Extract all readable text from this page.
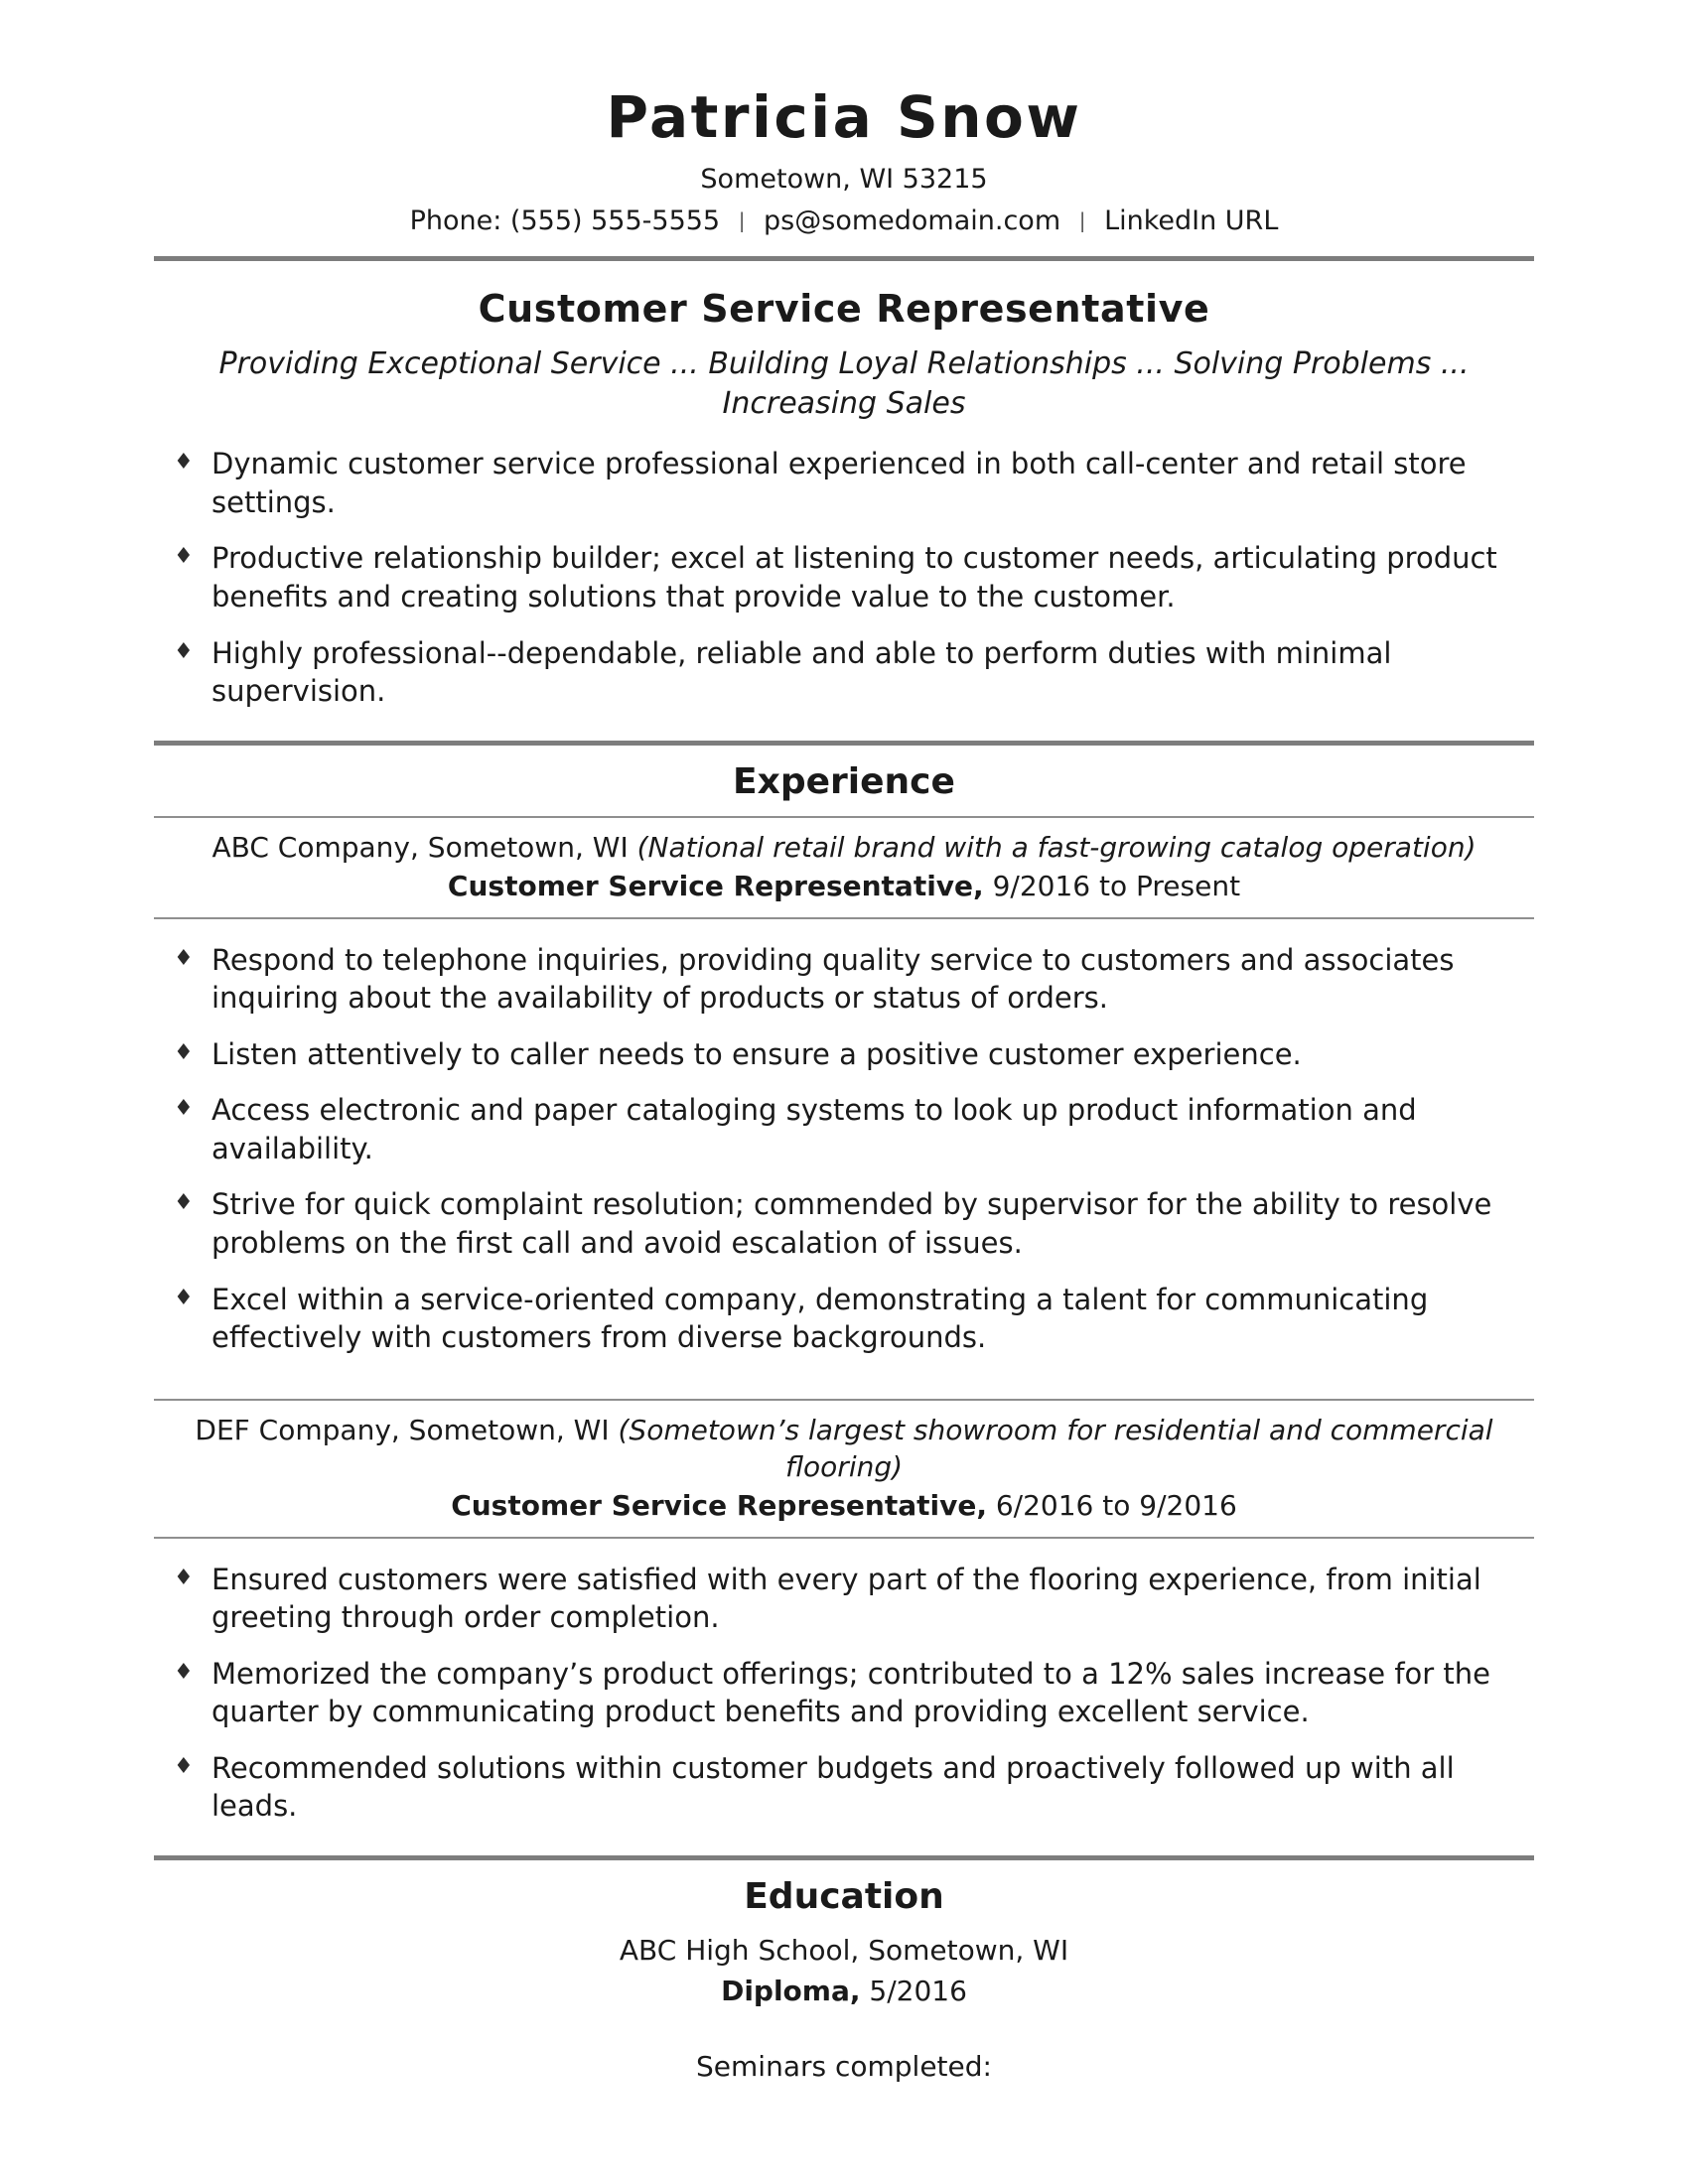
Patricia Snow
Sometown, WI 53215
Phone: (555) 555-5555 | ps@somedomain.com | LinkedIn URL
Customer Service Representative
Providing Exceptional Service ... Building Loyal Relationships ... Solving Problems ... Increasing Sales
♦ Dynamic customer service professional experienced in both call-center and retail store settings.
♦ Productive relationship builder; excel at listening to customer needs, articulating product benefits and creating solutions that provide value to the customer.
♦ Highly professional--dependable, reliable and able to perform duties with minimal supervision.
Experience
ABC Company, Sometown, WI (National retail brand with a fast-growing catalog operation)
Customer Service Representative, 9/2016 to Present
♦ Respond to telephone inquiries, providing quality service to customers and associates inquiring about the availability of products or status of orders.
♦ Listen attentively to caller needs to ensure a positive customer experience.
♦ Access electronic and paper cataloging systems to look up product information and availability.
♦ Strive for quick complaint resolution; commended by supervisor for the ability to resolve problems on the first call and avoid escalation of issues.
♦ Excel within a service-oriented company, demonstrating a talent for communicating effectively with customers from diverse backgrounds.
DEF Company, Sometown, WI (Sometown’s largest showroom for residential and commercial flooring)
Customer Service Representative, 6/2016 to 9/2016
♦ Ensured customers were satisfied with every part of the flooring experience, from initial greeting through order completion.
♦ Memorized the company’s product offerings; contributed to a 12% sales increase for the quarter by communicating product benefits and providing excellent service.
♦ Recommended solutions within customer budgets and proactively followed up with all leads.
Education
ABC High School, Sometown, WI
Diploma, 5/2016
Seminars completed:
